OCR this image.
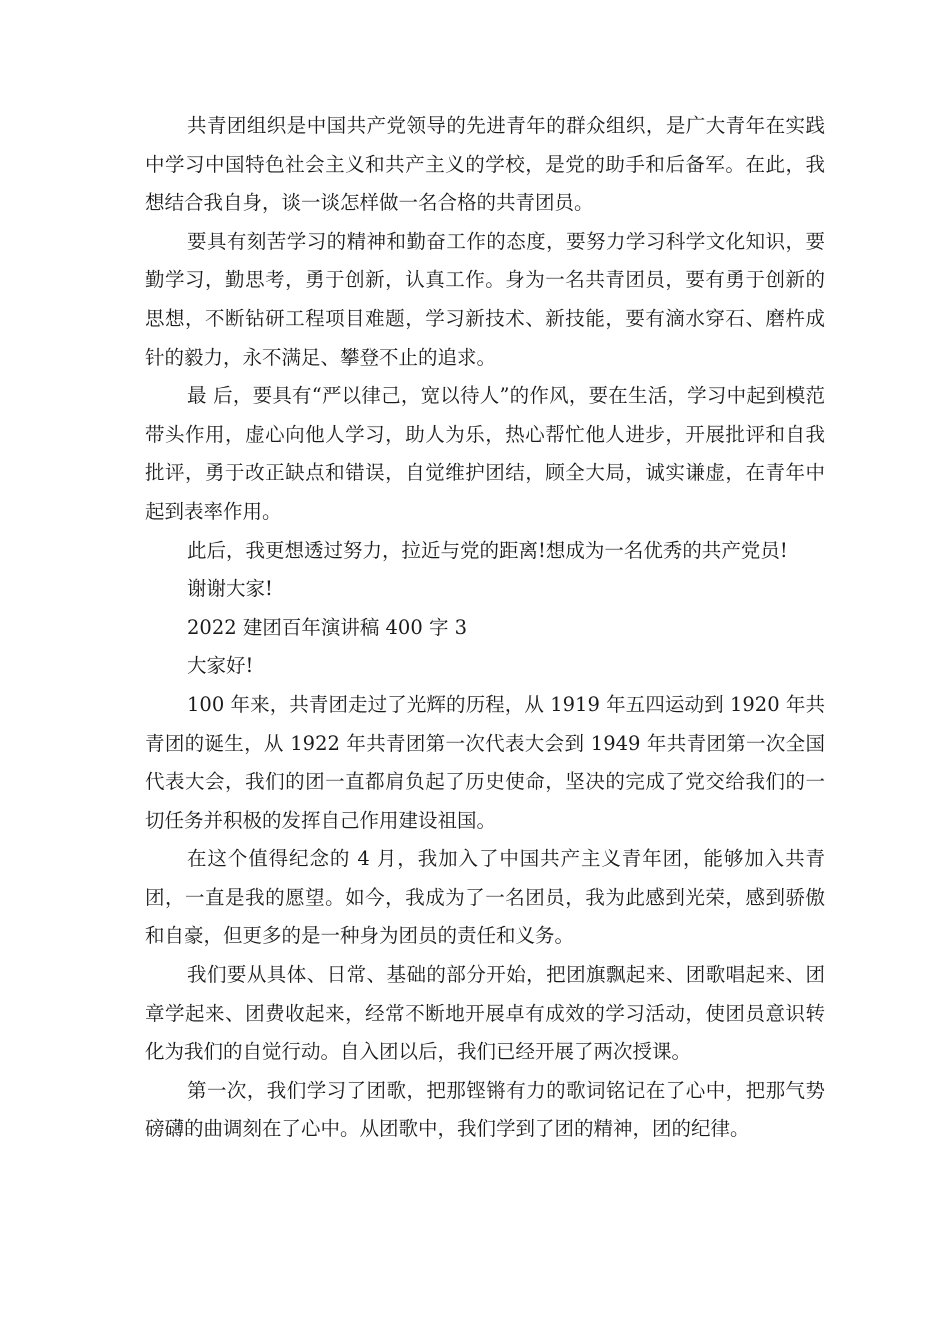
共青团组织是中国共产党领导的先进青年的群众组织，是广大青年在实践中学习中国特色社会主义和共产主义的学校，是党的助手和后备军。在此，我想结合我自身，谈一谈怎样做一名合格的共青团员。

要具有刻苦学习的精神和勤奋工作的态度，要努力学习科学文化知识，要勤学习，勤思考，勇于创新，认真工作。身为一名共青团员，要有勇于创新的思想，不断钻研工程项目难题，学习新技术、新技能，要有滴水穿石、磨杵成针的毅力，永不满足、攀登不止的追求。

最 后，要具有“严以律己，宽以待人”的作风，要在生活，学习中起到模范带头作用，虚心向他人学习，助人为乐，热心帮忙他人进步，开展批评和自我批评，勇于改正缺点和错误，自觉维护团结，顾全大局，诚实谦虚，在青年中起到表率作用。

此后，我更想透过努力，拉近与党的距离!想成为一名优秀的共产党员!

谢谢大家!

2022 建团百年演讲稿 400 字 3

大家好!

100 年来，共青团走过了光辉的历程，从 1919 年五四运动到 1920 年共青团的诞生，从 1922 年共青团第一次代表大会到 1949 年共青团第一次全国代表大会，我们的团一直都肩负起了历史使命，坚决的完成了党交给我们的一切任务并积极的发挥自己作用建设祖国。

在这个值得纪念的 4 月，我加入了中国共产主义青年团，能够加入共青团，一直是我的愿望。如今，我成为了一名团员，我为此感到光荣，感到骄傲和自豪，但更多的是一种身为团员的责任和义务。

我们要从具体、日常、基础的部分开始，把团旗飘起来、团歌唱起来、团章学起来、团费收起来，经常不断地开展卓有成效的学习活动，使团员意识转化为我们的自觉行动。自入团以后，我们已经开展了两次授课。

第一次，我们学习了团歌，把那铿锵有力的歌词铭记在了心中，把那气势磅礴的曲调刻在了心中。从团歌中，我们学到了团的精神，团的纪律。
